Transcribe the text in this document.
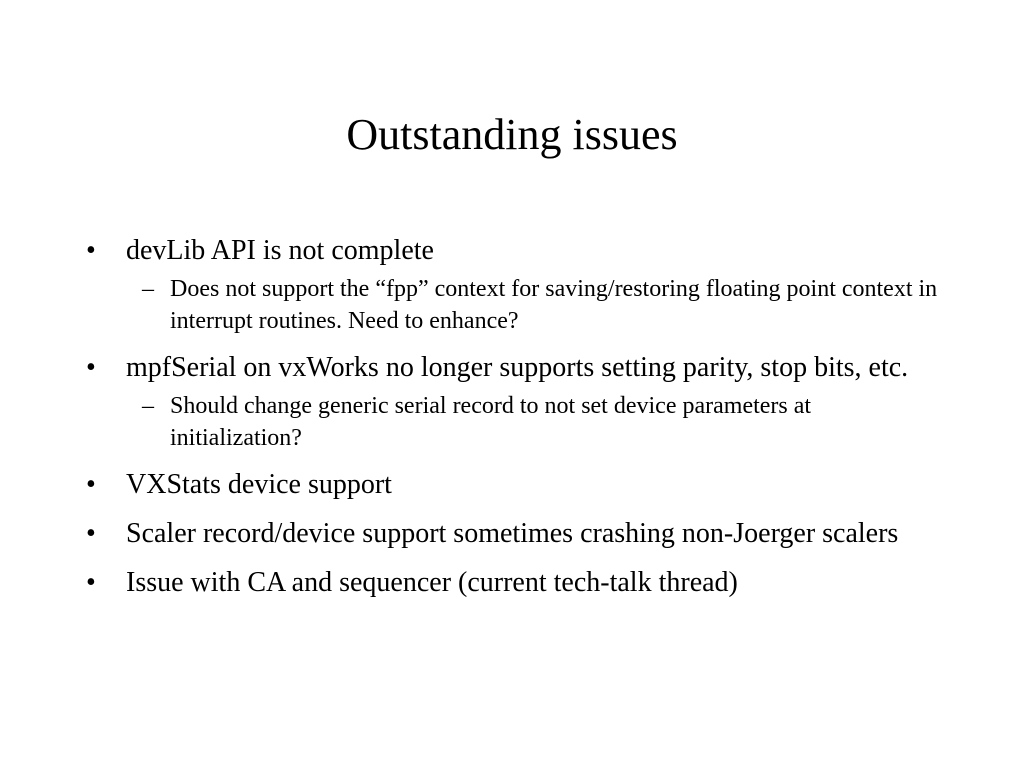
Outstanding issues
•	devLib API is not complete
– Does not support the “fpp” context for saving/restoring floating point context in interrupt routines. Need to enhance?
•	mpfSerial on vxWorks no longer supports setting parity, stop bits, etc.
– Should change generic serial record to not set device parameters at initialization?
•	VXStats device support
•	Scaler record/device support sometimes crashing non-Joerger scalers
•	Issue with CA and sequencer (current tech-talk thread)
